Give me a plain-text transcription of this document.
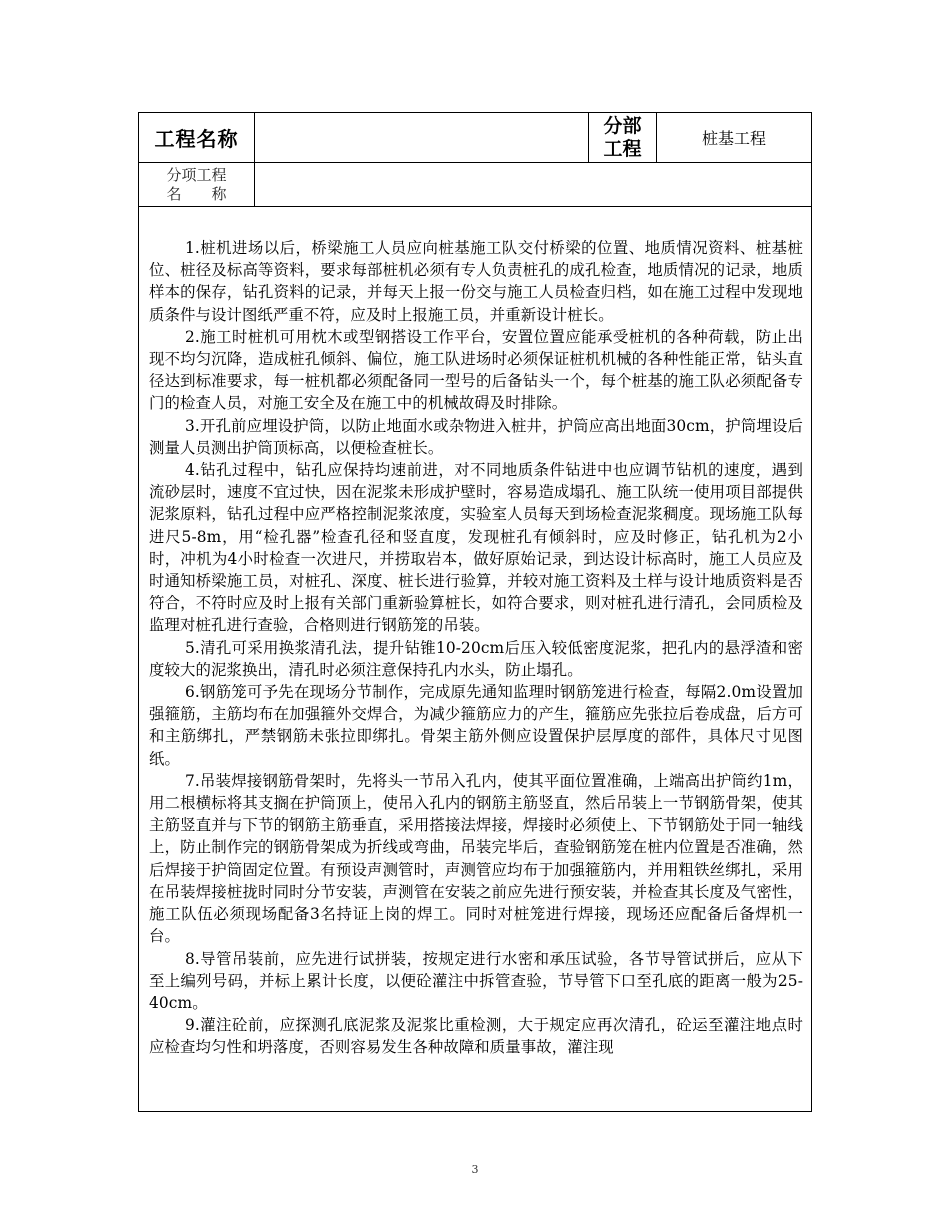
工程名称
分部
工程	桩基工程
分项工程
名　　称

1.桩机进场以后，桥梁施工人员应向桩基施工队交付桥梁的位置、地质情况资料、桩基桩位、桩径及标高等资料，要求每部桩机必须有专人负责桩孔的成孔检查，地质情况的记录，地质样本的保存，钻孔资料的记录，并每天上报一份交与施工人员检查归档，如在施工过程中发现地质条件与设计图纸严重不符，应及时上报施工员，并重新设计桩长。

2.施工时桩机可用枕木或型钢搭设工作平台，安置位置应能承受桩机的各种荷载，防止出现不均匀沉降，造成桩孔倾斜、偏位，施工队进场时必须保证桩机机械的各种性能正常，钻头直径达到标准要求，每一桩机都必须配备同一型号的后备钻头一个，每个桩基的施工队必须配备专门的检查人员，对施工安全及在施工中的机械故碍及时排除。

3.开孔前应埋设护筒，以防止地面水或杂物进入桩井，护筒应高出地面30cm，护筒埋设后测量人员测出护筒顶标高，以便检查桩长。

4.钻孔过程中，钻孔应保持均速前进，对不同地质条件钻进中也应调节钻机的速度，遇到流砂层时，速度不宜过快，因在泥浆未形成护壁时，容易造成塌孔、施工队统一使用项目部提供泥浆原料，钻孔过程中应严格控制泥浆浓度，实验室人员每天到场检查泥浆稠度。现场施工队每进尺5-8m，用“检孔器”检查孔径和竖直度，发现桩孔有倾斜时，应及时修正，钻孔机为2小时，冲机为4小时检查一次进尺，并捞取岩本，做好原始记录，到达设计标高时，施工人员应及时通知桥梁施工员，对桩孔、深度、桩长进行验算，并较对施工资料及土样与设计地质资料是否符合，不符时应及时上报有关部门重新验算桩长，如符合要求，则对桩孔进行清孔，会同质检及监理对桩孔进行查验，合格则进行钢筋笼的吊装。

5.清孔可采用换浆清孔法，提升钻锥10-20cm后压入较低密度泥浆，把孔内的悬浮渣和密度较大的泥浆换出，清孔时必须注意保持孔内水头，防止塌孔。

6.钢筋笼可予先在现场分节制作，完成原先通知监理时钢筋笼进行检查，每隔2.0m设置加强箍筋，主筋均布在加强箍外交焊合，为减少箍筋应力的产生，箍筋应先张拉后卷成盘，后方可和主筋绑扎，严禁钢筋未张拉即绑扎。骨架主筋外侧应设置保护层厚度的部件，具体尺寸见图纸。

7.吊装焊接钢筋骨架时，先将头一节吊入孔内，使其平面位置准确，上端高出护筒约1m，用二根横标将其支搁在护筒顶上，使吊入孔内的钢筋主筋竖直，然后吊装上一节钢筋骨架，使其主筋竖直并与下节的钢筋主筋垂直，采用搭接法焊接，焊接时必须使上、下节钢筋处于同一轴线上，防止制作完的钢筋骨架成为折线或弯曲，吊装完毕后，查验钢筋笼在桩内位置是否准确，然后焊接于护筒固定位置。有预设声测管时，声测管应均布于加强箍筋内，并用粗铁丝绑扎，采用在吊装焊接桩拢时同时分节安装，声测管在安装之前应先进行预安装，并检查其长度及气密性，施工队伍必须现场配备3名持证上岗的焊工。同时对桩笼进行焊接，现场还应配备后备焊机一台。

8.导管吊装前，应先进行试拼装，按规定进行水密和承压试验，各节导管试拼后，应从下至上编列号码，并标上累计长度，以便砼灌注中拆管查验，节导管下口至孔底的距离一般为25-40cm。

9.灌注砼前，应探测孔底泥浆及泥浆比重检测，大于规定应再次清孔，砼运至灌注地点时应检查均匀性和坍落度，否则容易发生各种故障和质量事故，灌注现

3
